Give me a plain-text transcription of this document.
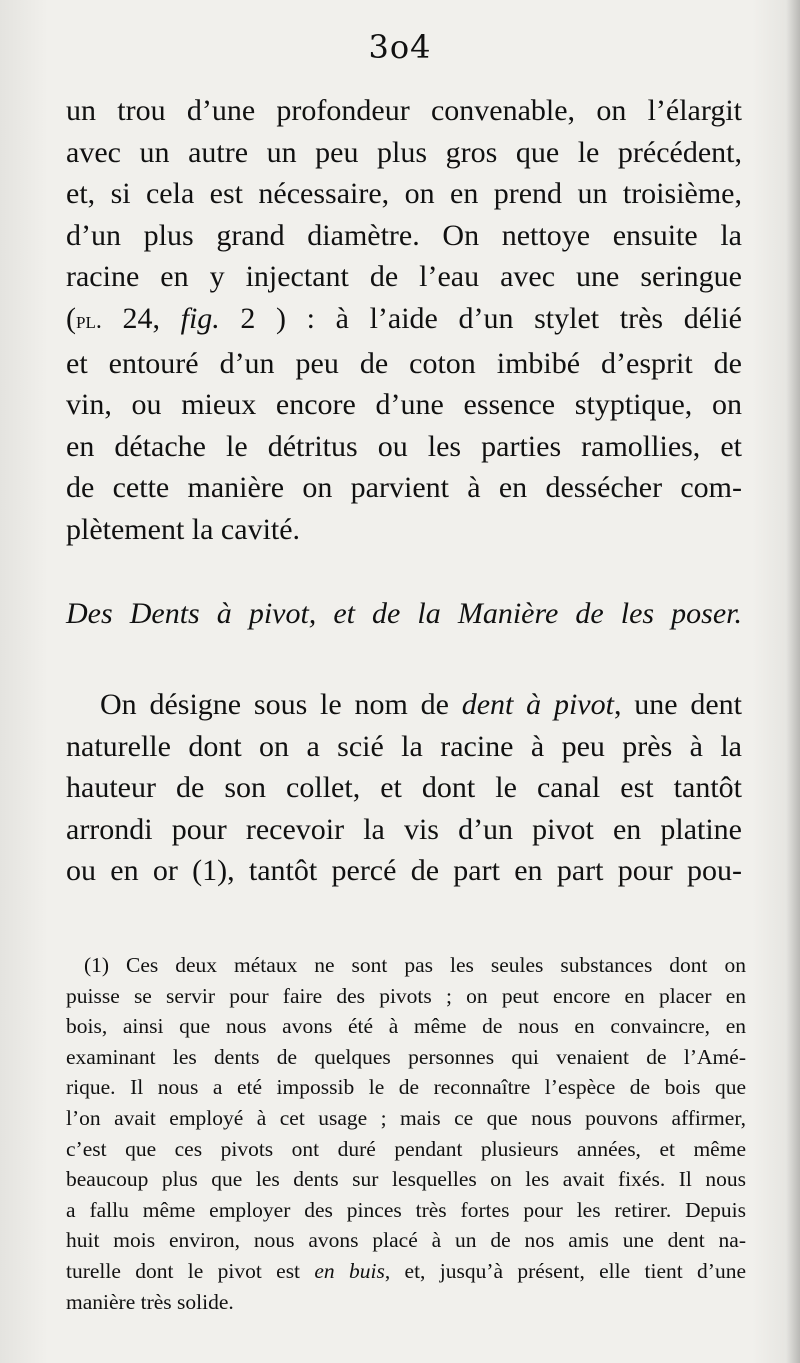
3o4
un trou d’une profondeur convenable, on l’élargit
avec un autre un peu plus gros que le précédent,
et, si cela est nécessaire, on en prend un troisième,
d’un plus grand diamètre. On nettoye ensuite la
racine en y injectant de l’eau avec une seringue
(pl. 24, fig. 2 ) : à l’aide d’un stylet très délié
et entouré d’un peu de coton imbibé d’esprit de
vin, ou mieux encore d’une essence styptique, on
en détache le détritus ou les parties ramollies, et
de cette manière on parvient à en dessécher com-
plètement la cavité.
Des Dents à pivot, et de la Manière de les poser.
On désigne sous le nom de dent à pivot, une dent
naturelle dont on a scié la racine à peu près à la
hauteur de son collet, et dont le canal est tantôt
arrondi pour recevoir la vis d’un pivot en platine
ou en or (1), tantôt percé de part en part pour pou-
(1) Ces deux métaux ne sont pas les seules substances dont on
puisse se servir pour faire des pivots ; on peut encore en placer en
bois, ainsi que nous avons été à même de nous en convaincre, en
examinant les dents de quelques personnes qui venaient de l’Amé-
rique. Il nous a eté impossib le de reconnaître l’espèce de bois que
l’on avait employé à cet usage ; mais ce que nous pouvons affirmer,
c’est que ces pivots ont duré pendant plusieurs années, et même
beaucoup plus que les dents sur lesquelles on les avait fixés. Il nous
a fallu même employer des pinces très fortes pour les retirer. Depuis
huit mois environ, nous avons placé à un de nos amis une dent na-
turelle dont le pivot est en buis, et, jusqu’à présent, elle tient d’une
manière très solide.
